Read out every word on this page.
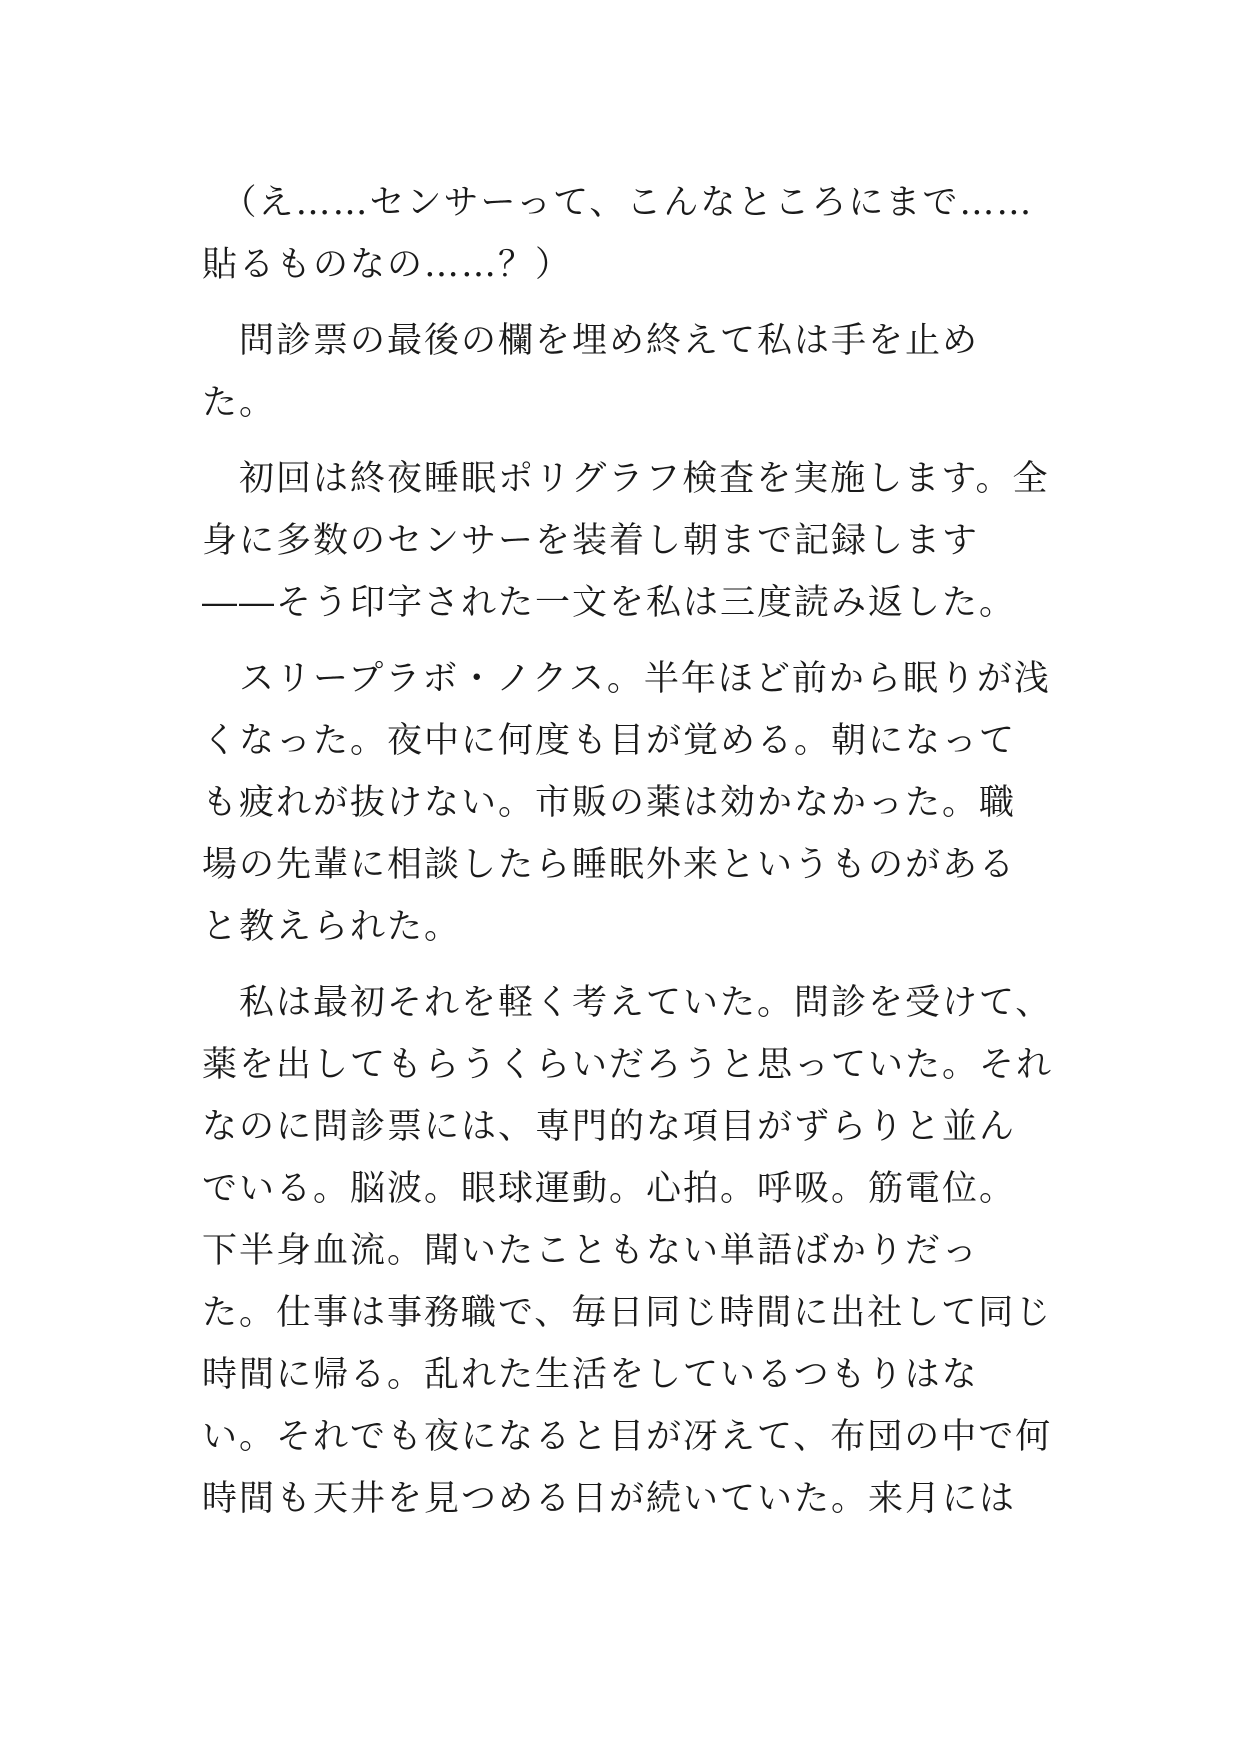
　（え……センサーって、こんなところにまで……
貼るものなの……？）

　問診票の最後の欄を埋め終えて私は手を止め
た。

　初回は終夜睡眠ポリグラフ検査を実施します。全
身に多数のセンサーを装着し朝まで記録します
――そう印字された一文を私は三度読み返した。

　スリープラボ・ノクス。半年ほど前から眠りが浅
くなった。夜中に何度も目が覚める。朝になって
も疲れが抜けない。市販の薬は効かなかった。職
場の先輩に相談したら睡眠外来というものがある
と教えられた。

　私は最初それを軽く考えていた。問診を受けて、
薬を出してもらうくらいだろうと思っていた。それ
なのに問診票には、専門的な項目がずらりと並ん
でいる。脳波。眼球運動。心拍。呼吸。筋電位。
下半身血流。聞いたこともない単語ばかりだっ
た。仕事は事務職で、毎日同じ時間に出社して同じ
時間に帰る。乱れた生活をしているつもりはな
い。それでも夜になると目が冴えて、布団の中で何
時間も天井を見つめる日が続いていた。来月には
